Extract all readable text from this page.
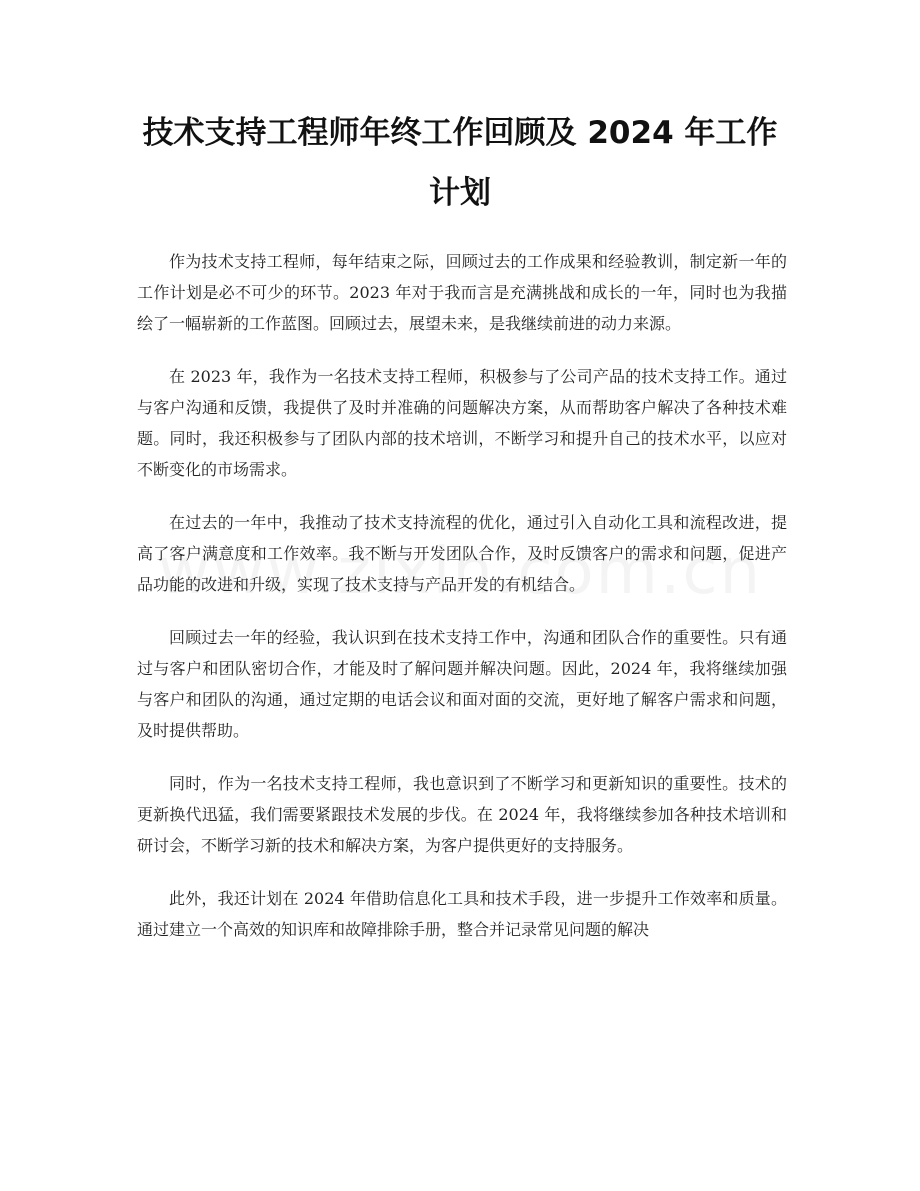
技术支持工程师年终工作回顾及 2024 年工作计划

作为技术支持工程师，每年结束之际，回顾过去的工作成果和经验教训，制定新一年的工作计划是必不可少的环节。2023 年对于我而言是充满挑战和成长的一年，同时也为我描绘了一幅崭新的工作蓝图。回顾过去，展望未来，是我继续前进的动力来源。

在 2023 年，我作为一名技术支持工程师，积极参与了公司产品的技术支持工作。通过与客户沟通和反馈，我提供了及时并准确的问题解决方案，从而帮助客户解决了各种技术难题。同时，我还积极参与了团队内部的技术培训，不断学习和提升自己的技术水平，以应对不断变化的市场需求。

在过去的一年中，我推动了技术支持流程的优化，通过引入自动化工具和流程改进，提高了客户满意度和工作效率。我不断与开发团队合作，及时反馈客户的需求和问题，促进产品功能的改进和升级，实现了技术支持与产品开发的有机结合。

回顾过去一年的经验，我认识到在技术支持工作中，沟通和团队合作的重要性。只有通过与客户和团队密切合作，才能及时了解问题并解决问题。因此，2024 年，我将继续加强与客户和团队的沟通，通过定期的电话会议和面对面的交流，更好地了解客户需求和问题，及时提供帮助。

同时，作为一名技术支持工程师，我也意识到了不断学习和更新知识的重要性。技术的更新换代迅猛，我们需要紧跟技术发展的步伐。在 2024 年，我将继续参加各种技术培训和研讨会，不断学习新的技术和解决方案，为客户提供更好的支持服务。

此外，我还计划在 2024 年借助信息化工具和技术手段，进一步提升工作效率和质量。通过建立一个高效的知识库和故障排除手册，整合并记录常见问题的解决
